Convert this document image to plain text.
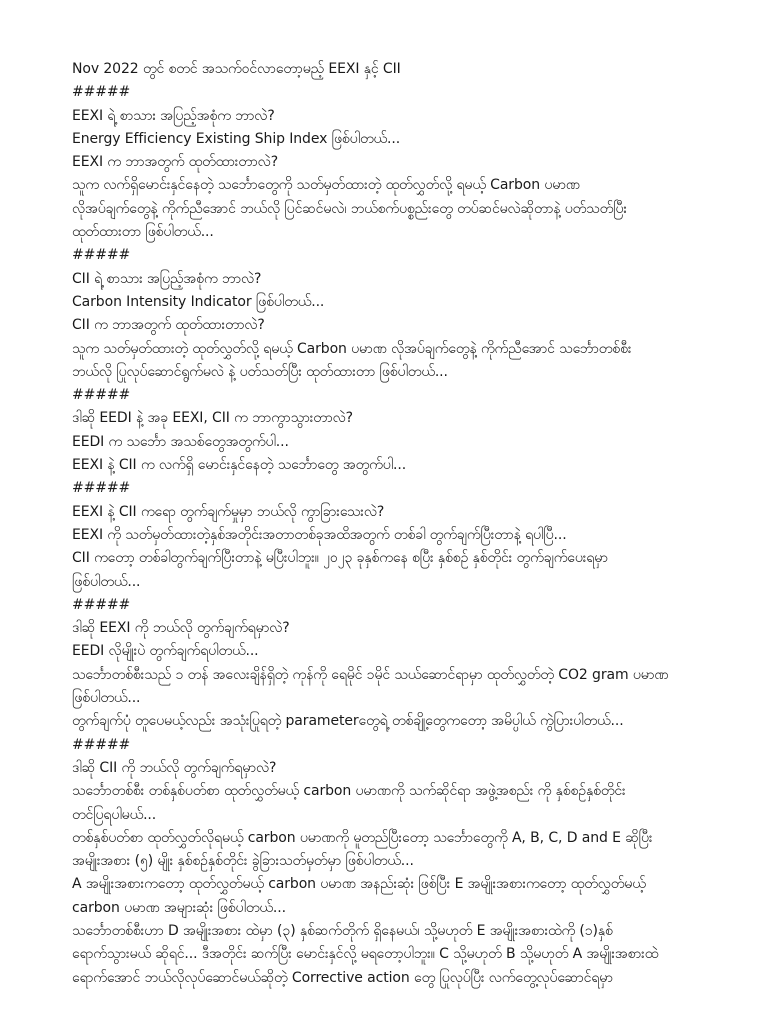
Nov 2022 တွင် စတင် အသက်ဝင်လာတော့မည့် EEXI နှင့် CII
#####
EEXI ရဲ့ စာသား အပြည့်အစုံက ဘာလဲ?
Energy Efficiency Existing Ship Index ဖြစ်ပါတယ်...
EEXI က ဘာအတွက် ထုတ်ထားတာလဲ?
သူက လက်ရှိမောင်းနှင်နေတဲ့ သင်္ဘောတွေကို သတ်မှတ်ထားတဲ့ ထုတ်လွှတ်လို့ ရမယ့် Carbon ပမာဏ
လိုအပ်ချက်တွေနဲ့ ကိုက်ညီအောင် ဘယ်လို ပြင်ဆင်မလဲ၊ ဘယ်စက်ပစ္စည်းတွေ တပ်ဆင်မလဲဆိုတာနဲ့ ပတ်သတ်ပြီး
ထုတ်ထားတာ ဖြစ်ပါတယ်...
#####
CII ရဲ့ စာသား အပြည့်အစုံက ဘာလဲ?
Carbon Intensity Indicator ဖြစ်ပါတယ်...
CII က ဘာအတွက် ထုတ်ထားတာလဲ?
သူက သတ်မှတ်ထားတဲ့ ထုတ်လွှတ်လို့ ရမယ့် Carbon ပမာဏ လိုအပ်ချက်တွေနဲ့ ကိုက်ညီအောင် သင်္ဘောတစ်စီး
ဘယ်လို ပြုလုပ်ဆောင်ရွက်မလဲ နဲ့ ပတ်သတ်ပြီး ထုတ်ထားတာ ဖြစ်ပါတယ်...
#####
ဒါဆို EEDI နဲ့ အခု EEXI, CII က ဘာကွာသွားတာလဲ?
EEDI က သင်္ဘော အသစ်တွေအတွက်ပါ...
EEXI နဲ့ CII က လက်ရှိ မောင်းနှင်နေတဲ့ သင်္ဘောတွေ အတွက်ပါ...
#####
EEXI နဲ့ CII ကရော တွက်ချက်မှုမှာ ဘယ်လို ကွာခြားသေးလဲ?
EEXI ကို သတ်မှတ်ထားတဲ့နှစ်အတိုင်းအတာတစ်ခုအထိအတွက် တစ်ခါ တွက်ချက်ပြီးတာနဲ့ ရပါပြီ...
CII ကတော့ တစ်ခါတွက်ချက်ပြီးတာနဲ့ မပြီးပါဘူး။ ၂၀၂၃ ခုနှစ်ကနေ စပြီး နှစ်စဉ် နှစ်တိုင်း တွက်ချက်ပေးရမှာ
ဖြစ်ပါတယ်...
#####
ဒါဆို EEXI ကို ဘယ်လို တွက်ချက်ရမှာလဲ?
EEDI လိုမျိုးပဲ တွက်ချက်ရပါတယ်...
သင်္ဘောတစ်စီးသည် ၁ တန် အလေးချိန်ရှိတဲ့ ကုန်ကို ရေမိုင် ၁မိုင် သယ်ဆောင်ရာမှာ ထုတ်လွှတ်တဲ့ CO2 gram ပမာဏ
ဖြစ်ပါတယ်...
တွက်ချက်ပုံ တူပေမယ့်လည်း အသုံးပြုရတဲ့ parameterတွေရဲ့ တစ်ချို့တွေကတော့ အမိပ္ပါယ် ကွဲပြားပါတယ်...
#####
ဒါဆို CII ကို ဘယ်လို တွက်ချက်ရမှာလဲ?
သင်္ဘောတစ်စီး တစ်နှစ်ပတ်စာ ထုတ်လွှတ်မယ့် carbon ပမာဏကို သက်ဆိုင်ရာ အဖွဲ့အစည်း ကို နှစ်စဉ်နှစ်တိုင်း
တင်ပြရပါမယ်...
တစ်နှစ်ပတ်စာ ထုတ်လွှတ်လိုရမယ့် carbon ပမာဏကို မူတည်ပြီးတော့ သင်္ဘောတွေကို A, B, C, D and E ဆိုပြီး
အမျိုးအစား (၅) မျိုး နှစ်စဉ်နှစ်တိုင်း ခွဲခြားသတ်မှတ်မှာ ဖြစ်ပါတယ်...
A အမျိုးအစားကတော့ ထုတ်လွှတ်မယ့် carbon ပမာဏ အနည်းဆုံး ဖြစ်ပြီး E အမျိုးအစားကတော့ ထုတ်လွှတ်မယ့်
carbon ပမာဏ အများဆုံး ဖြစ်ပါတယ်...
သင်္ဘောတစ်စီးဟာ D အမျိုးအစား ထဲမှာ (၃) နှစ်ဆက်တိုက် ရှိနေမယ်၊ သို့မဟုတ် E အမျိုးအစားထဲကို (၁)နှစ်
ရောက်သွားမယ် ဆိုရင်... ဒီအတိုင်း ဆက်ပြီး မောင်းနှင်လို့ မရတော့ပါဘူး။ C သို့မဟုတ် B သို့မဟုတ် A အမျိုးအစားထဲ
ရောက်အောင် ဘယ်လိုလုပ်ဆောင်မယ်ဆိုတဲ့ Corrective action တွေ ပြုလုပ်ပြီး လက်တွေ့လုပ်ဆောင်ရမှာ
